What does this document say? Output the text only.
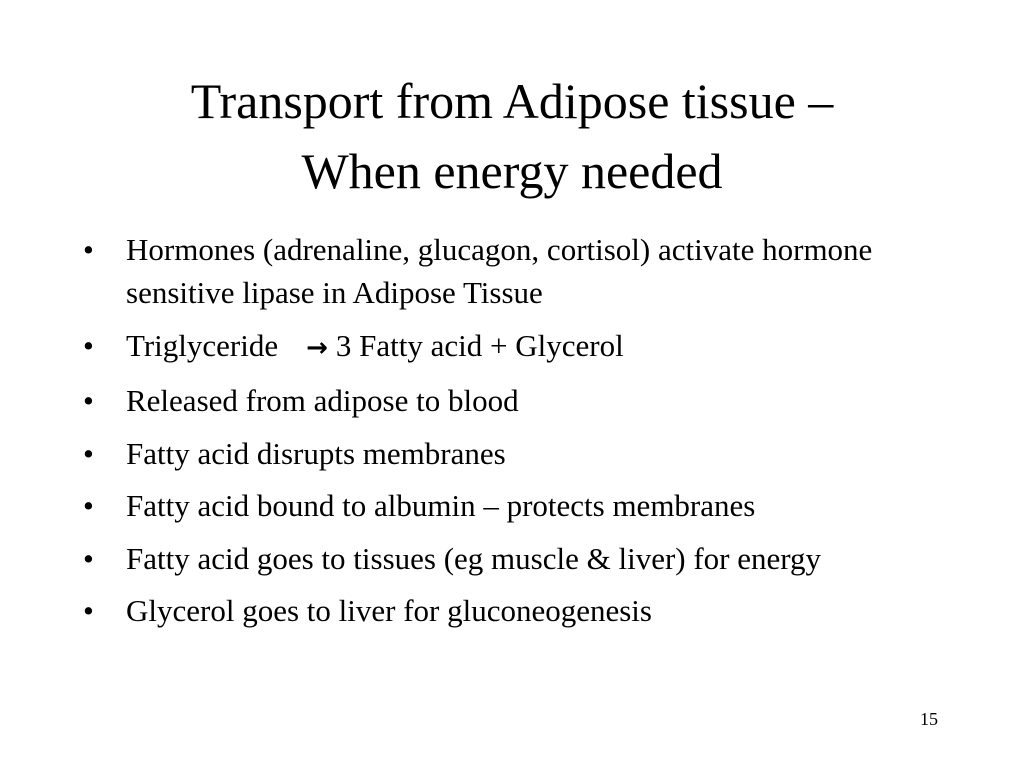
Transport from Adipose tissue –
When energy needed
• Hormones (adrenaline, glucagon, cortisol) activate hormone sensitive lipase in Adipose Tissue
• Triglyceride → 3 Fatty acid + Glycerol
• Released from adipose to blood
• Fatty acid disrupts membranes
• Fatty acid bound to albumin – protects membranes
• Fatty acid goes to tissues (eg muscle & liver) for energy
• Glycerol goes to liver for gluconeogenesis
15
